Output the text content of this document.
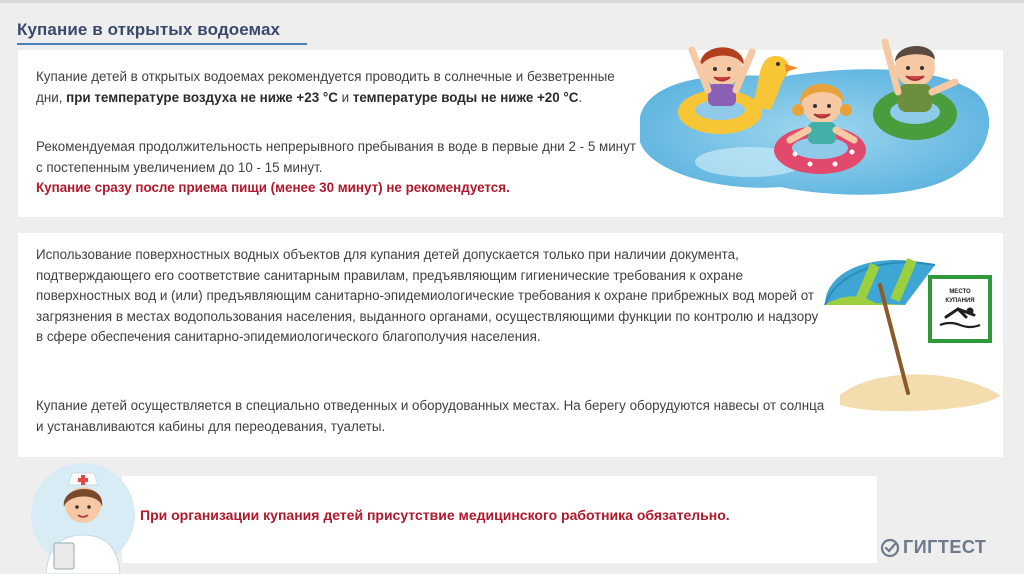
Купание в открытых водоемах
Купание детей в открытых водоемах рекомендуется проводить в солнечные и безветренные дни, при температуре воздуха не ниже +23 °С и температуре воды не ниже +20 °С.
Рекомендуемая продолжительность непрерывного пребывания в воде в первые дни 2 - 5 минут с постепенным увеличением до 10 - 15 минут.
Купание сразу после приема пищи (менее 30 минут) не рекомендуется.
Использование поверхностных водных объектов для купания детей допускается только при наличии документа, подтверждающего его соответствие санитарным правилам, предъявляющим гигиенические требования к охране поверхностных вод и (или) предъявляющим санитарно-эпидемиологические требования к охране прибрежных вод морей от загрязнения в местах водопользования населения, выданного органами, осуществляющими функции по контролю и надзору в сфере обеспечения санитарно-эпидемиологического благополучия населения.
Купание детей осуществляется в специально отведенных и оборудованных местах. На берегу оборудуются навесы от солнца и устанавливаются кабины для переодевания, туалеты.
МЕСТО
КУПАНИЯ
При организации купания детей присутствие медицинского работника обязательно.
ГИГТЕСТ
